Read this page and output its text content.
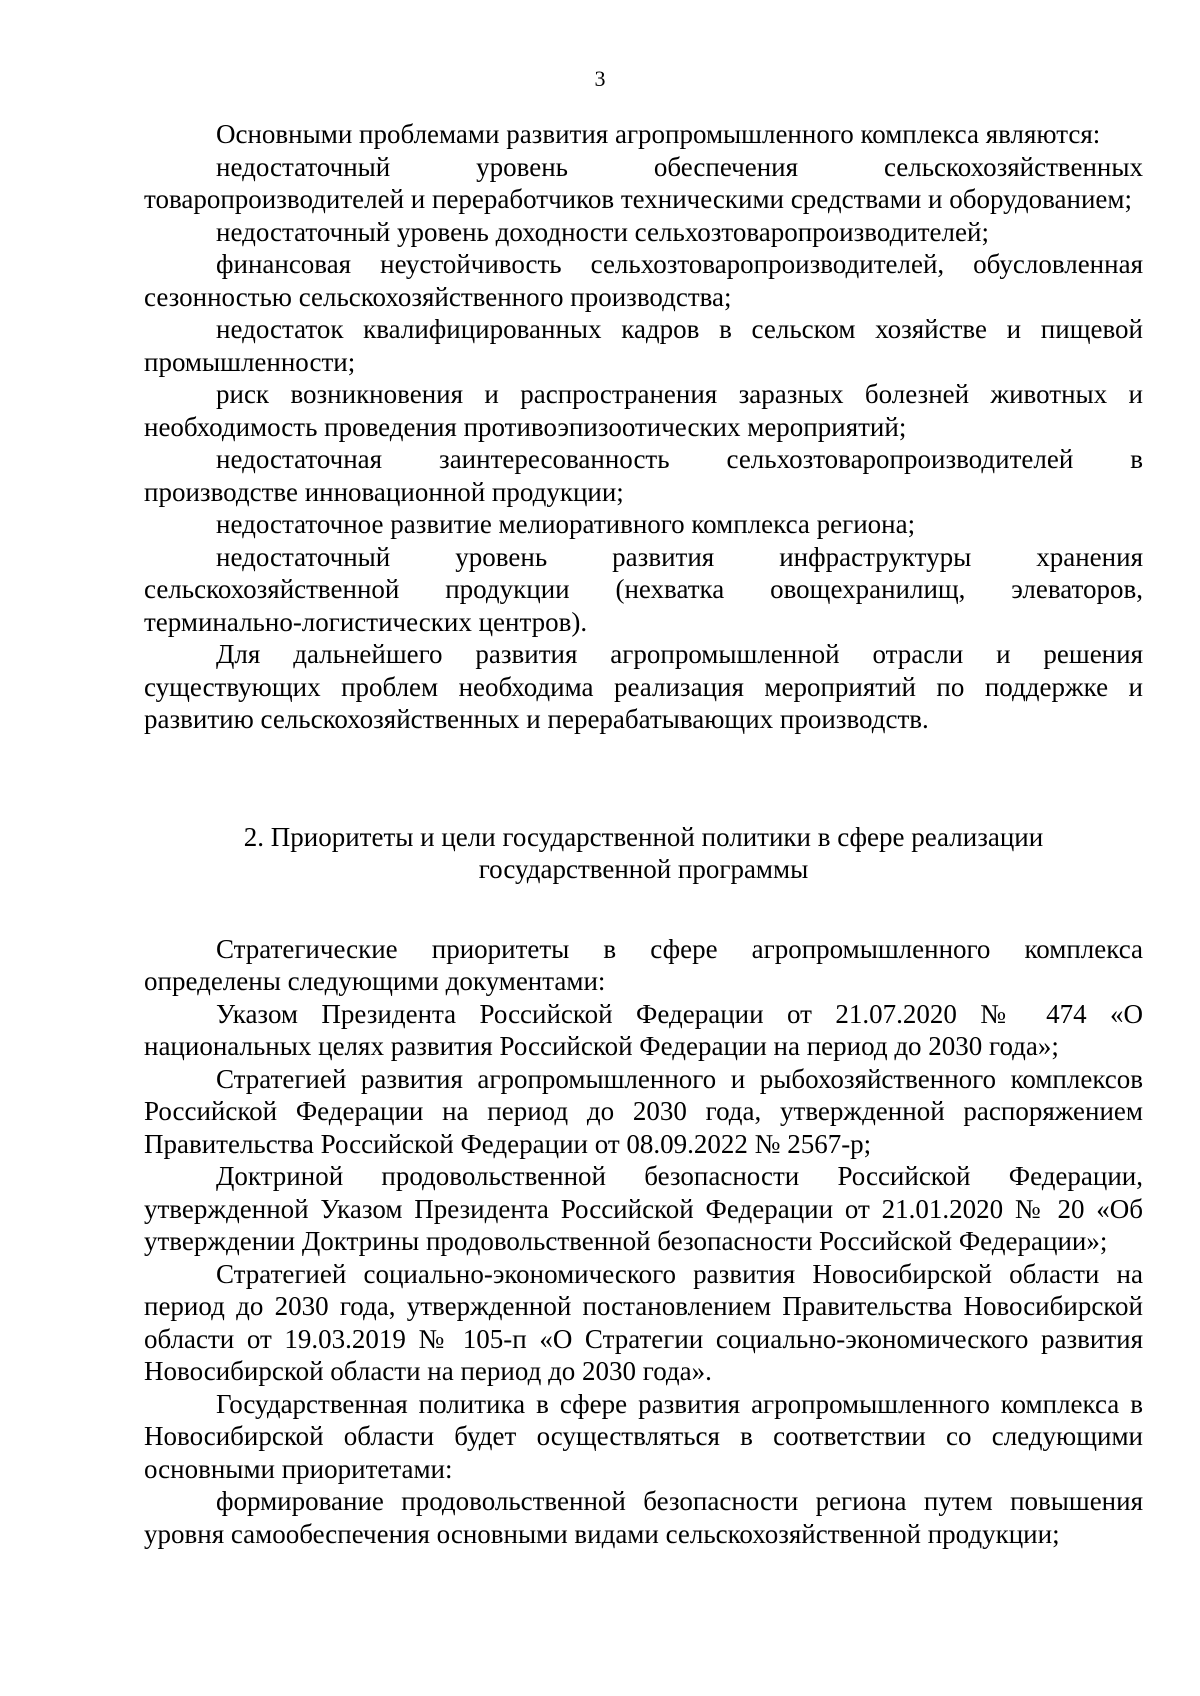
3

Основными проблемами развития агропромышленного комплекса являются:

недостаточный уровень обеспечения сельскохозяйственных товаропроизводителей и переработчиков техническими средствами и оборудованием;

недостаточный уровень доходности сельхозтоваропроизводителей;

финансовая неустойчивость сельхозтоваропроизводителей, обусловленная сезонностью сельскохозяйственного производства;

недостаток квалифицированных кадров в сельском хозяйстве и пищевой промышленности;

риск возникновения и распространения заразных болезней животных и необходимость проведения противоэпизоотических мероприятий;

недостаточная заинтересованность сельхозтоваропроизводителей в производстве инновационной продукции;

недостаточное развитие мелиоративного комплекса региона;

недостаточный уровень развития инфраструктуры хранения сельскохозяйственной продукции (нехватка овощехранилищ, элеваторов, терминально-логистических центров).

Для дальнейшего развития агропромышленной отрасли и решения существующих проблем необходима реализация мероприятий по поддержке и развитию сельскохозяйственных и перерабатывающих производств.

2. Приоритеты и цели государственной политики в сфере реализации
государственной программы

Стратегические приоритеты в сфере агропромышленного комплекса определены следующими документами:

Указом Президента Российской Федерации от 21.07.2020 № 474 «О национальных целях развития Российской Федерации на период до 2030 года»;

Стратегией развития агропромышленного и рыбохозяйственного комплексов Российской Федерации на период до 2030 года, утвержденной распоряжением Правительства Российской Федерации от 08.09.2022 № 2567-р;

Доктриной продовольственной безопасности Российской Федерации, утвержденной Указом Президента Российской Федерации от 21.01.2020 № 20 «Об утверждении Доктрины продовольственной безопасности Российской Федерации»;

Стратегией социально-экономического развития Новосибирской области на период до 2030 года, утвержденной постановлением Правительства Новосибирской области от 19.03.2019 № 105-п «О Стратегии социально-экономического развития Новосибирской области на период до 2030 года».

Государственная политика в сфере развития агропромышленного комплекса в Новосибирской области будет осуществляться в соответствии со следующими основными приоритетами:

формирование продовольственной безопасности региона путем повышения уровня самообеспечения основными видами сельскохозяйственной продукции;
